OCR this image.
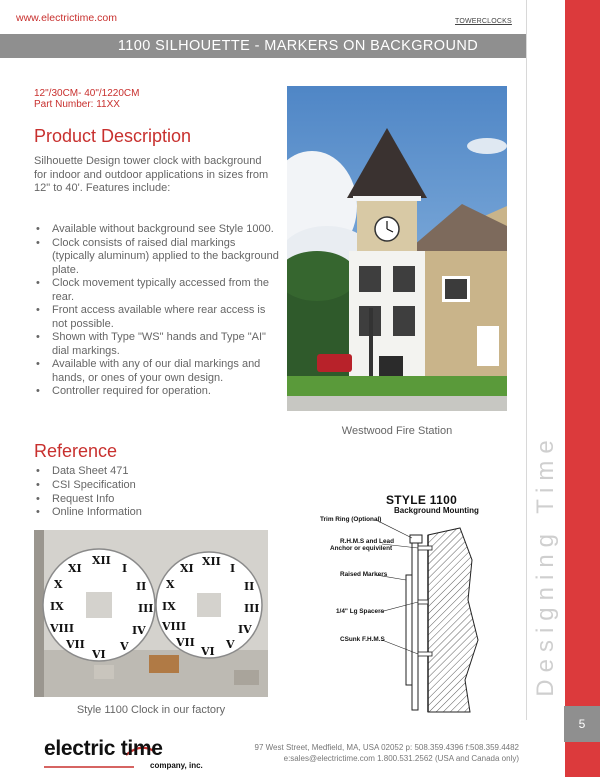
www.electrictime.com	TOWERCLOCKS
1100 SILHOUETTE - MARKERS ON BACKGROUND
Designing Time
5
12"/30CM- 40"/1220CM
Part Number: 11XX
Product Description

Silhouette Design tower clock with background for indoor and outdoor applications in sizes from 12" to 40'. Features include:

• Available without background see Style 1000.
• Clock consists of raised dial markings (typically aluminum) applied to the background plate.
• Clock movement typically accessed from the rear.
• Front access available where rear access is not possible.
• Shown with Type "WS" hands and Type "AI" dial markings.
• Available with any of our dial markings and hands, or ones of your own design.
• Controller required for operation.
Reference
• Data Sheet 471
• CSI Specification
• Request Info
• Online Information
Westwood Fire Station
STYLE 1100
Background Mounting
Trim Ring (Optional)
R.H.M.S and Lead
Anchor or equivilent
Raised Markers
1/4" Lg Spacers
CSunk F.H.M.S
XII
I
II
III
IV
V
VI
VII
VIII
IX
X
XI
XII
I
II
III
IV
V
VI
VII
VIII
IX
X
XI
Style 1100 Clock in our factory
electric time
company, inc.
97 West Street, Medfield, MA, USA 02052 p: 508.359.4396 f:508.359.4482
e:sales@electrictime.com 1.800.531.2562 (USA and Canada only)
